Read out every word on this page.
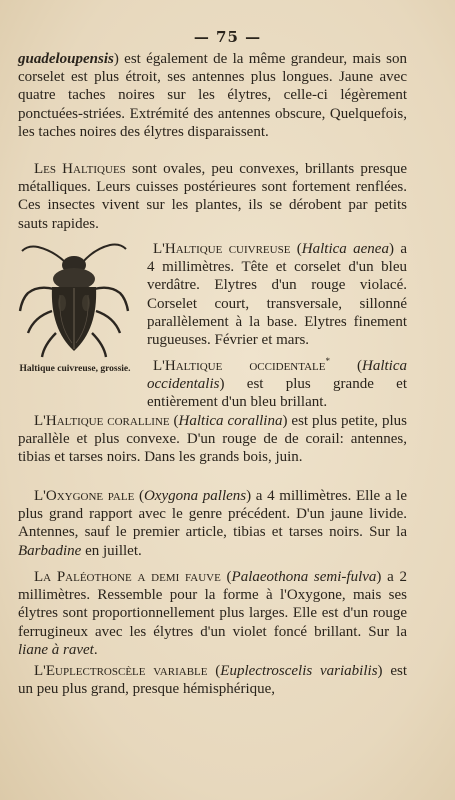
— 75 —

guadeloupensis) est également de la même grandeur, mais son corselet est plus étroit, ses antennes plus longues. Jaune avec quatre taches noires sur les élytres, celle-ci légèrement ponctuées-striées. Extrémité des antennes obscure, Quelquefois, les taches noires des élytres disparaissent.

Les Haltiques sont ovales, peu convexes, brillants presque métalliques. Leurs cuisses postérieures sont fortement renflées. Ces insectes vivent sur les plantes, ils se dérobent par petits sauts rapides.

Haltique cuivreuse, grossie.

L'Haltique cuivreuse (Haltica aenea) a 4 millimètres. Tête et corselet d'un bleu verdâtre. Elytres d'un rouge violacé. Corselet court, transversale, sillonné parallèlement à la base. Elytres finement rugueuses. Février et mars.

L'Haltique occidentale* (Haltica occidentalis) est plus grande et entièrement d'un bleu brillant.

L'Haltique coralline (Haltica corallina) est plus petite, plus parallèle et plus convexe. D'un rouge de de corail: antennes, tibias et tarses noirs. Dans les grands bois, juin.

L'Oxygone pale (Oxygona pallens) a 4 millimètres. Elle a le plus grand rapport avec le genre précédent. D'un jaune livide. Antennes, sauf le premier article, tibias et tarses noirs. Sur la Barbadine en juillet.

La Paléothone a demi fauve (Palaeothona semi-fulva) a 2 millimètres. Ressemble pour la forme à l'Oxygone, mais ses élytres sont proportionnellement plus larges. Elle est d'un rouge ferrugineux avec les élytres d'un violet foncé brillant. Sur la liane à ravet.

L'Euplectroscèle variable (Euplectroscelis variabilis) est un peu plus grand, presque hémisphérique,
